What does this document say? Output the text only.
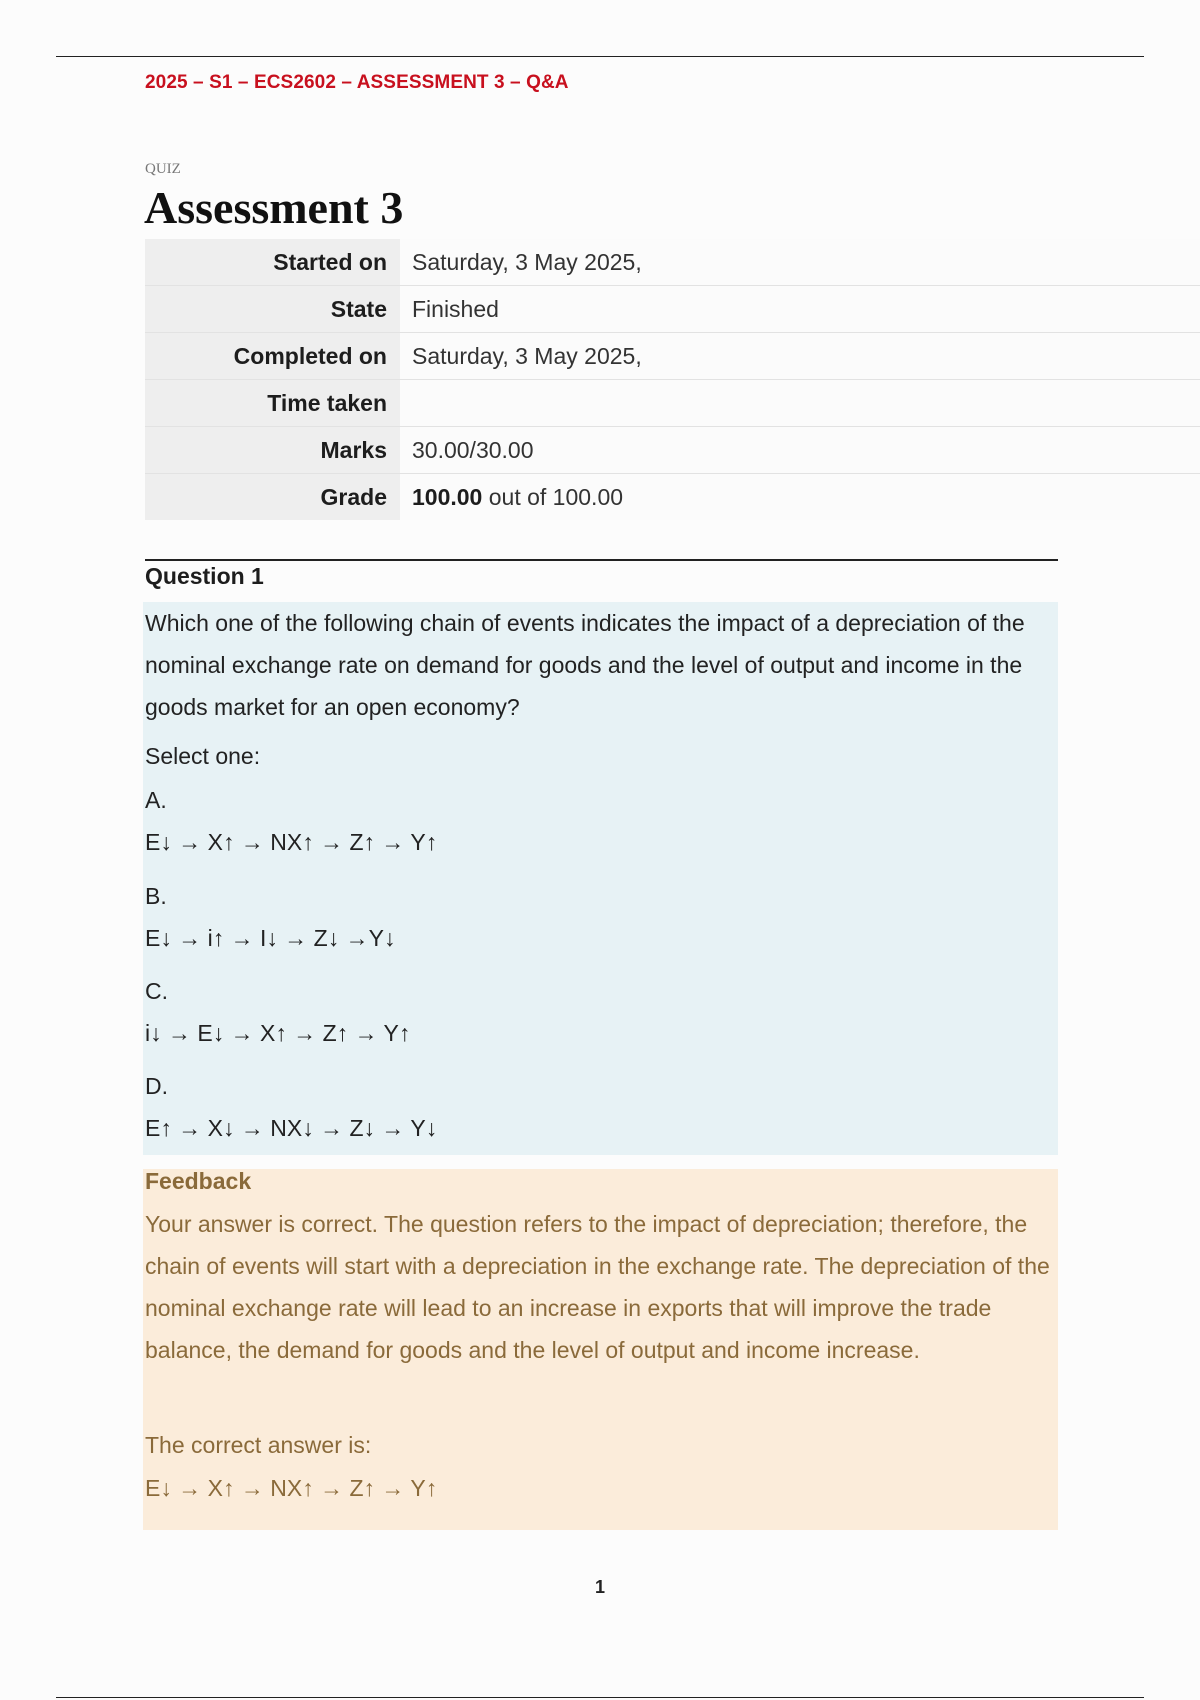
2025 – S1 – ECS2602 – ASSESSMENT 3 – Q&A
QUIZ
Assessment 3
Started on	Saturday, 3 May 2025,
State	Finished
Completed on	Saturday, 3 May 2025,
Time taken	
Marks	30.00/30.00
Grade	100.00 out of 100.00
Question 1
Which one of the following chain of events indicates the impact of a depreciation of the nominal exchange rate on demand for goods and the level of output and income in the goods market for an open economy?
Select one:
A.
E↓ → X↑ → NX↑ → Z↑ → Y↑
B.
E↓ → i↑ → I↓ → Z↓ →Y↓
C.
i↓ → E↓ → X↑ → Z↑ → Y↑
D.
E↑ → X↓ → NX↓ → Z↓ → Y↓
Feedback
Your answer is correct. The question refers to the impact of depreciation; therefore, the chain of events will start with a depreciation in the exchange rate. The depreciation of the nominal exchange rate will lead to an increase in exports that will improve the trade balance, the demand for goods and the level of output and income increase.
The correct answer is:
E↓ → X↑ → NX↑ → Z↑ → Y↑
1
